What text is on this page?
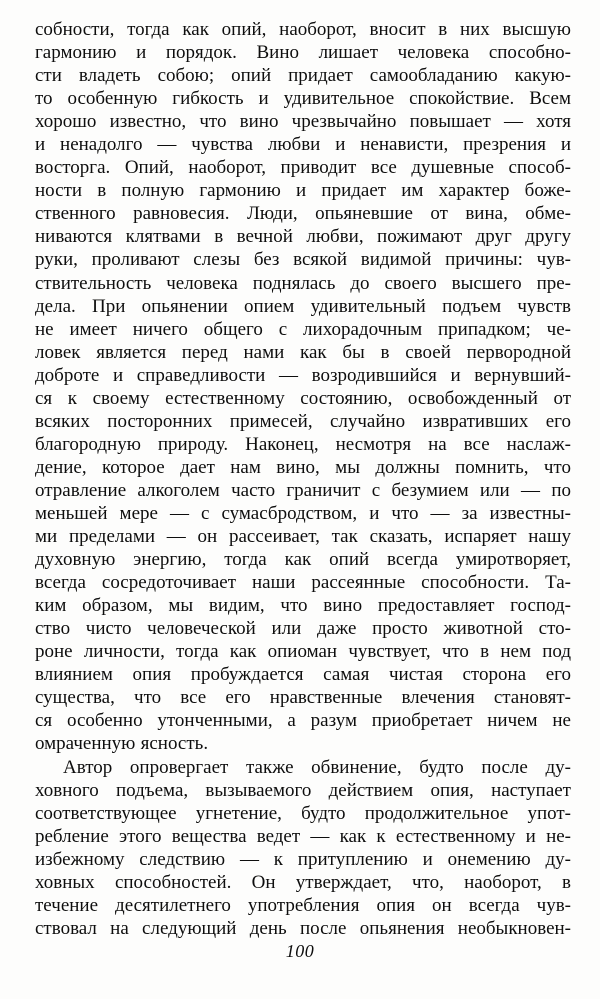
собности, тогда как опий, наоборот, вносит в них высшую
гармонию и порядок. Вино лишает человека способно-
сти владеть собою; опий придает самообладанию какую-
то особенную гибкость и удивительное спокойствие. Всем
хорошо известно, что вино чрезвычайно повышает — хотя
и ненадолго — чувства любви и ненависти, презрения и
восторга. Опий, наоборот, приводит все душевные способ-
ности в полную гармонию и придает им характер боже-
ственного равновесия. Люди, опьяневшие от вина, обме-
ниваются клятвами в вечной любви, пожимают друг другу
руки, проливают слезы без всякой видимой причины: чув-
ствительность человека поднялась до своего высшего пре-
дела. При опьянении опием удивительный подъем чувств
не имеет ничего общего с лихорадочным припадком; че-
ловек является перед нами как бы в своей первородной
доброте и справедливости — возродившийся и вернувший-
ся к своему естественному состоянию, освобожденный от
всяких посторонних примесей, случайно извративших его
благородную природу. Наконец, несмотря на все наслаж-
дение, которое дает нам вино, мы должны помнить, что
отравление алкоголем часто граничит с безумием или — по
меньшей мере — с сумасбродством, и что — за известны-
ми пределами — он рассеивает, так сказать, испаряет нашу
духовную энергию, тогда как опий всегда умиротворяет,
всегда сосредоточивает наши рассеянные способности. Та-
ким образом, мы видим, что вино предоставляет господ-
ство чисто человеческой или даже просто животной сто-
роне личности, тогда как опиоман чувствует, что в нем под
влиянием опия пробуждается самая чистая сторона его
существа, что все его нравственные влечения становят-
ся особенно утонченными, а разум приобретает ничем не
омраченную ясность.
Автор опровергает также обвинение, будто после ду-
ховного подъема, вызываемого действием опия, наступает
соответствующее угнетение, будто продолжительное упот-
ребление этого вещества ведет — как к естественному и не-
избежному следствию — к притуплению и онемению ду-
ховных способностей. Он утверждает, что, наоборот, в
течение десятилетнего употребления опия он всегда чув-
ствовал на следующий день после опьянения необыкновен-
100
